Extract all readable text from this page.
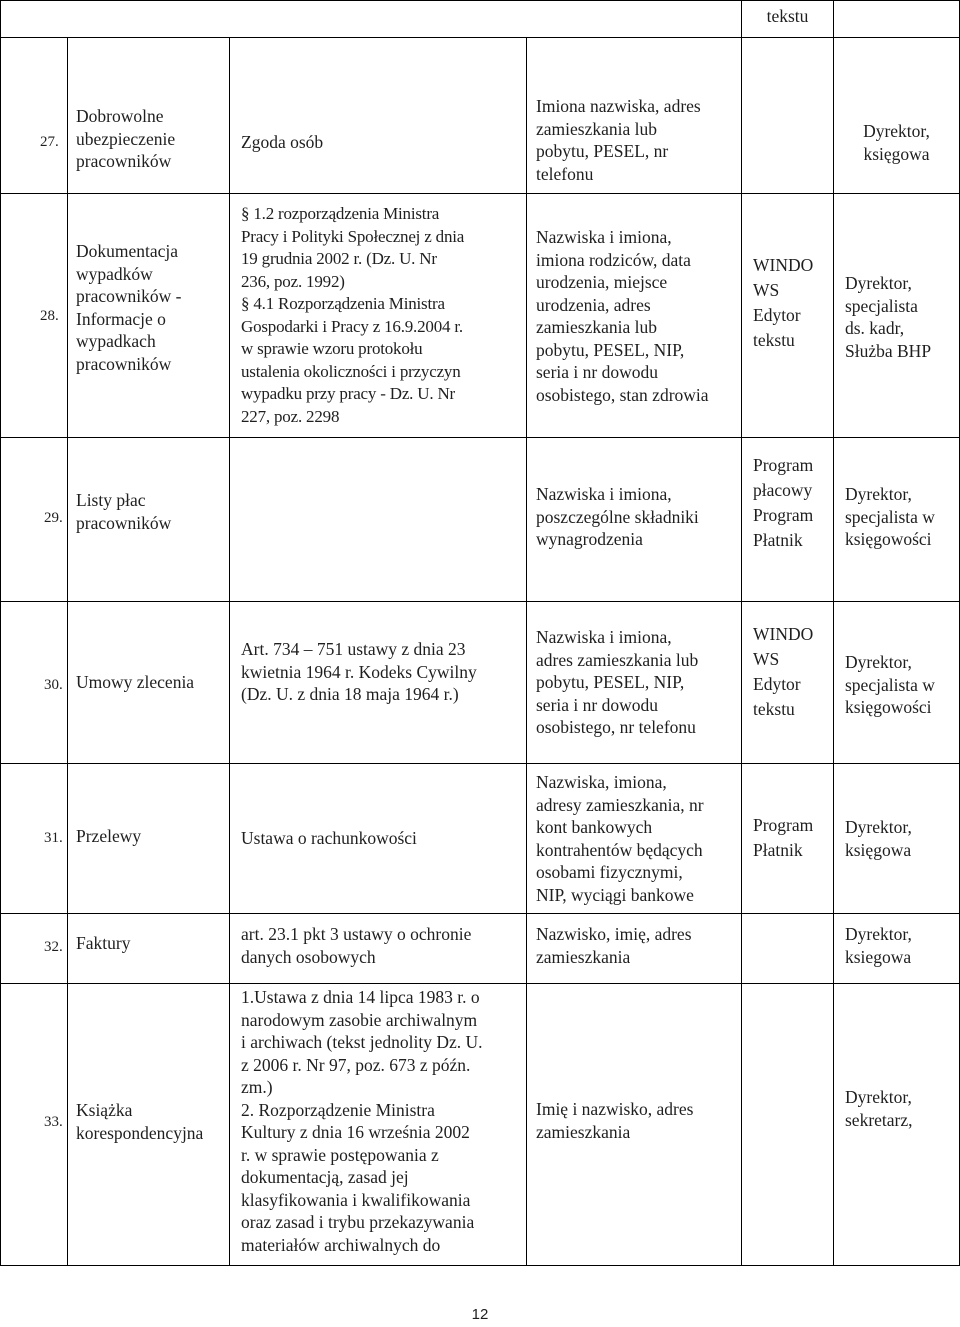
tekstu
27.
Dobrowolne
ubezpieczenie
pracowników
Zgoda osób
Imiona nazwiska, adres
zamieszkania lub
pobytu, PESEL, nr
telefonu
Dyrektor,
księgowa
28.
Dokumentacja
wypadków
pracowników -
Informacje o
wypadkach
pracowników
§ 1.2 rozporządzenia Ministra
Pracy i Polityki Społecznej z dnia
19 grudnia 2002 r. (Dz. U. Nr
236, poz. 1992)
§ 4.1 Rozporządzenia Ministra
Gospodarki i Pracy z 16.9.2004 r.
w sprawie wzoru protokołu
ustalenia okoliczności i przyczyn
wypadku przy pracy - Dz. U. Nr
227, poz. 2298
Nazwiska i imiona,
imiona rodziców, data
urodzenia, miejsce
urodzenia, adres
zamieszkania lub
pobytu, PESEL, NIP,
seria i nr dowodu
osobistego, stan zdrowia
WINDO
WS
Edytor
tekstu
Dyrektor,
specjalista
ds. kadr,
Służba BHP
29.
Listy płac
pracowników
Nazwiska i imiona,
poszczególne składniki
wynagrodzenia
Program
płacowy
Program
Płatnik
Dyrektor,
specjalista w
księgowości
30. Umowy zlecenia
Art. 734 – 751 ustawy z dnia 23
kwietnia 1964 r. Kodeks Cywilny
(Dz. U. z dnia 18 maja 1964 r.)
Nazwiska i imiona,
adres zamieszkania lub
pobytu, PESEL, NIP,
seria i nr dowodu
osobistego, nr telefonu
WINDO
WS
Edytor
tekstu
Dyrektor,
specjalista w
księgowości
31. Przelewy	Ustawa o rachunkowości
Nazwiska, imiona,
adresy zamieszkania, nr
kont bankowych
kontrahentów będących
osobami fizycznymi,
NIP, wyciągi bankowe
Program
Płatnik
Dyrektor,
księgowa
32. Faktury	art. 23.1 pkt 3 ustawy o ochronie
danych osobowych
Nazwisko, imię, adres
zamieszkania
Dyrektor,
ksiegowa
33.
Książka
korespondencyjna
1.Ustawa z dnia 14 lipca 1983 r. o
narodowym zasobie archiwalnym
i archiwach (tekst jednolity Dz. U.
z 2006 r. Nr 97, poz. 673 z późn.
zm.)
2. Rozporządzenie Ministra
Kultury z dnia 16 września 2002
r. w sprawie postępowania z
dokumentacją, zasad jej
klasyfikowania i kwalifikowania
oraz zasad i trybu przekazywania
materiałów archiwalnych do
Imię i nazwisko, adres
zamieszkania
Dyrektor,
sekretarz,
12
